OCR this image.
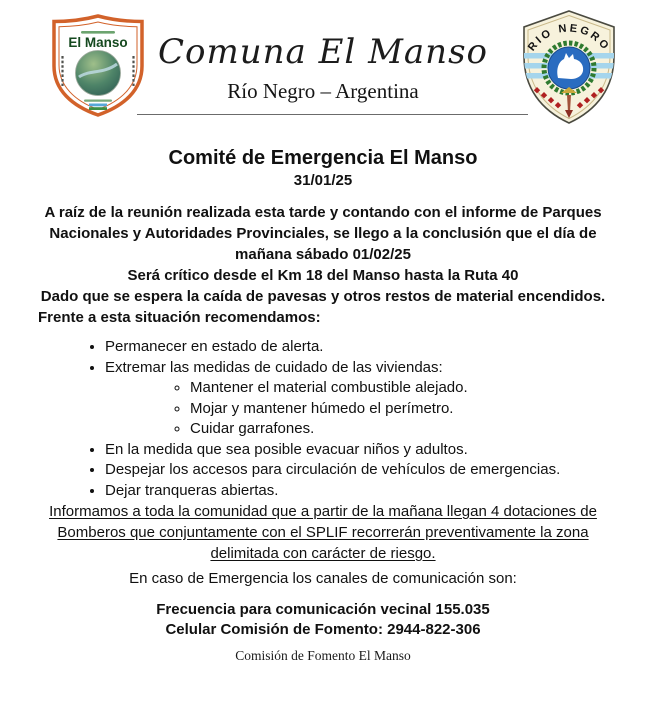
El Manso Comuna El Manso
Río Negro – Argentina
RIO NEGRO
Comité de Emergencia El Manso
31/01/25

A raíz de la reunión realizada esta tarde y contando con el informe de Parques Nacionales y Autoridades Provinciales, se llego a la conclusión que el día de mañana sábado 01/02/25

Será crítico desde el Km 18 del Manso hasta la Ruta 40

Dado que se espera la caída de pavesas y otros restos de material encendidos.

Frente a esta situación recomendamos:

• Permanecer en estado de alerta.
• Extremar las medidas de cuidado de las viviendas:
◦ Mantener el material combustible alejado.
◦ Mojar y mantener húmedo el perímetro.
◦ Cuidar garrafones.
• En la medida que sea posible evacuar niños y adultos.
• Despejar los accesos para circulación de vehículos de emergencias.
• Dejar tranqueras abiertas.

Informamos a toda la comunidad que a partir de la mañana llegan 4 dotaciones de Bomberos que conjuntamente con el SPLIF recorrerán preventivamente la zona delimitada con carácter de riesgo.

En caso de Emergencia los canales de comunicación son:

Frecuencia para comunicación vecinal 155.035

Celular Comisión de Fomento: 2944-822-306

Comisión de Fomento El Manso
